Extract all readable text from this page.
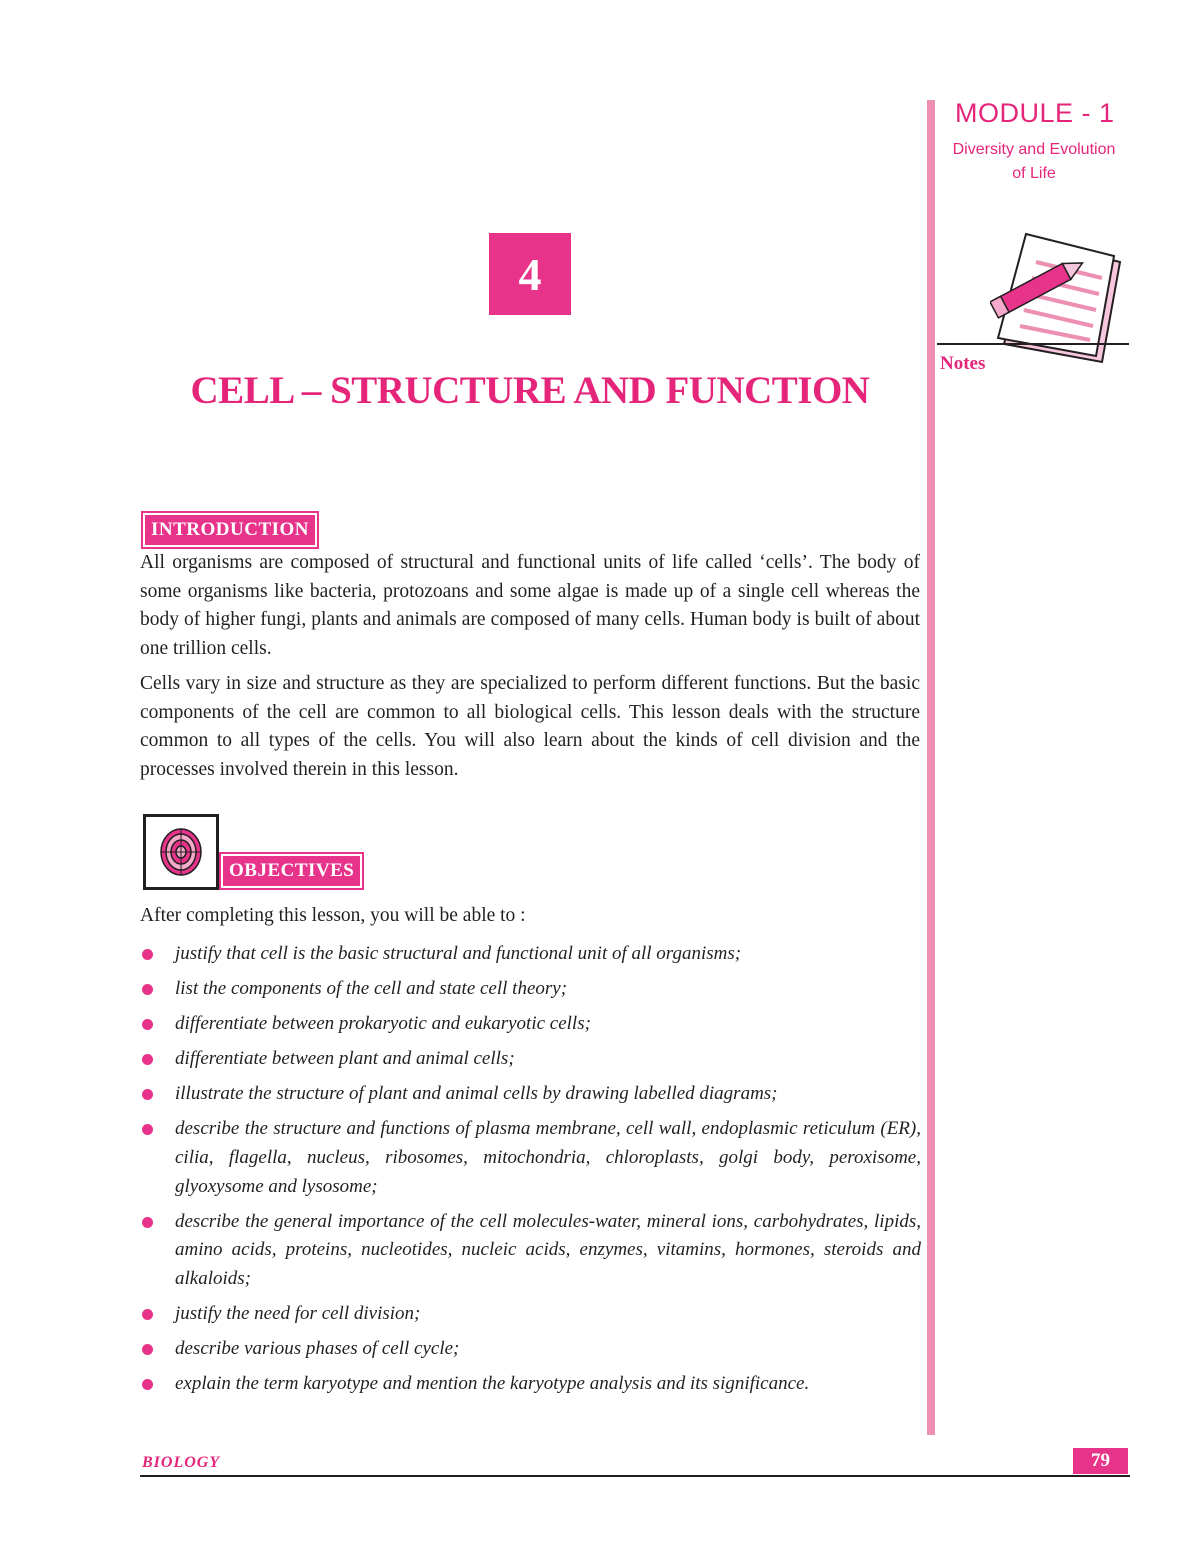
MODULE - 1
Diversity and Evolution
of Life
Notes
4
CELL – STRUCTURE AND FUNCTION
INTRODUCTION
All organisms are composed of structural and functional units of life called ‘cells’. The body of some organisms like bacteria, protozoans and some algae is made up of a single cell whereas the body of higher fungi, plants and animals are composed of many cells. Human body is built of about one trillion cells.
Cells vary in size and structure as they are specialized to perform different functions. But the basic components of the cell are common to all biological cells. This lesson deals with the structure common to all types of the cells. You will also learn about the kinds of cell division and the processes involved therein in this lesson.
OBJECTIVES
After completing this lesson, you will be able to :
justify that cell is the basic structural and functional unit of all organisms;
list the components of the cell and state cell theory;
differentiate between prokaryotic and eukaryotic cells;
differentiate between plant and animal cells;
illustrate the structure of plant and animal cells by drawing labelled diagrams;
describe the structure and functions of plasma membrane, cell wall, endoplasmic reticulum (ER), cilia, flagella, nucleus, ribosomes, mitochondria, chloroplasts, golgi body, peroxisome, glyoxysome and lysosome;
describe the general importance of the cell molecules-water, mineral ions, carbohydrates, lipids, amino acids, proteins, nucleotides, nucleic acids, enzymes, vitamins, hormones, steroids and alkaloids;
justify the need for cell division;
describe various phases of cell cycle;
explain the term karyotype and mention the karyotype analysis and its significance.
BIOLOGY	79
